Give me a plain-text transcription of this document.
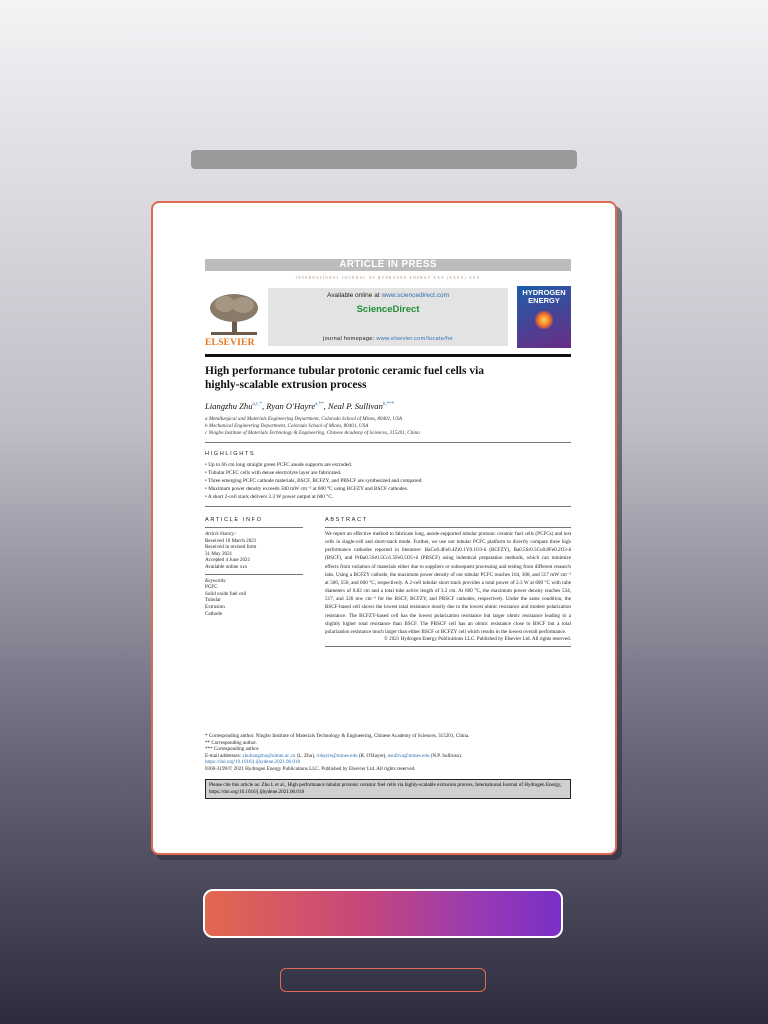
ARTICLE IN PRESS
INTERNATIONAL JOURNAL OF HYDROGEN ENERGY XXX (XXXX) XXX
ELSEVIER
Available online at www.sciencedirect.com
ScienceDirect
journal homepage: www.elsevier.com/locate/he
HYDROGEN ENERGY
High performance tubular protonic ceramic fuel cells via highly-scalable extrusion process
Liangzhu Zhu$^{a,c,*}$, Ryan O'Hayre$^{a,**}$, Neal P. Sullivan$^{b,***}$
a Metallurgical and Materials Engineering Department, Colorado School of Mines, 80401, USA
b Mechanical Engineering Department, Colorado School of Mines, 80401, USA
c Ningbo Institute of Materials Technology & Engineering, Chinese Academy of Sciences, 315201, China
HIGHLIGHTS
• Up to 66 cm long straight green PCFC anode supports are extruded.
• Tubular PCFC cells with dense electrolyte layer are fabricated.
• Three emerging PCFC cathode materials, BSCF, BCFZY, and PBSCF are synthesized and compared.
• Maximum power density exceeds 500 mW cm⁻² at 600 °C using BCFZY and BSCF cathodes.
• A short 2-cell stack delivers 2.3 W power output at 600 °C.
ARTICLE INFO
Article history:
Received 10 March 2021
Received in revised form
31 May 2021
Accepted 4 June 2021
Available online xxx
Keywords:
PCFC
Solid oxide fuel cell
Tubular
Extrusion
Cathode
ABSTRACT
We report an effective method to fabricate long, anode-supported tubular protonic ceramic fuel cells (PCFCs) and test cells in single-cell and short-stack mode. Further, we use our tubular PCFC platform to directly compare three high performance cathodes reported in literature: BaCo0.4Fe0.4Zr0.1Y0.1O3-δ (BCFZY), Ba0.5Sr0.5Co0.8Fe0.2O3-δ (BSCF), and PrBa0.5Sr0.5Co1.5Fe0.5O5+δ (PBSCF) using indentical preparation methods, which can minimize effects from variation of materials either due to suppliers or subsequent processing and testing from different research labs. Using a BCFZY cathode, the maximum power density of our tubular PCFC reaches 164, 308, and 517 mW cm⁻² at 500, 550, and 600 °C, respectively. A 2-cell tubular short stack provides a total power of 2.3 W at 600 °C with tube diameters of 0.82 cm and a total tube active length of 3.2 cm. At 600 °C, the maximum power density reaches 534, 517, and 326 mw cm⁻² for the BSCF, BCFZY, and PBSCF cathodes, respectively. Under the same condition, the BSCF-based cell shows the lowest total resistance mostly due to the lowest ohmic resistance and modest polarization resistance. The BCFZY-based cell has the lowest polarization resistance but larger ohmic resistance leading to a slightly higher total resistance than BSCF. The PBSCF cell has an ohmic resistance close to BSCF but a total polarization resistance much larger than either BSCF or BCFZY cell which results in the lowest overall performance.
© 2021 Hydrogen Energy Publications LLC. Published by Elsevier Ltd. All rights reserved.
* Corresponding author. Ningbo Institute of Materials Technology & Engineering, Chinese Academy of Sciences, 315201, China.
** Corresponding author.
*** Corresponding author.
E-mail addresses: zhuliangzhu@nimte.ac.cn (L. Zhu), rohayre@mines.edu (R. O'Hayre), nsulliva@mines.edu (N.P. Sullivan).
https://doi.org/10.1016/j.ijhydene.2021.06.018
0360-3199/© 2021 Hydrogen Energy Publications LLC. Published by Elsevier Ltd. All rights reserved.
Please cite this article as: Zhu L et al., High performance tubular protonic ceramic fuel cells via highly-scalable extrusion process, International Journal of Hydrogen Energy, https://doi.org/10.1016/j.ijhydene.2021.06.018
